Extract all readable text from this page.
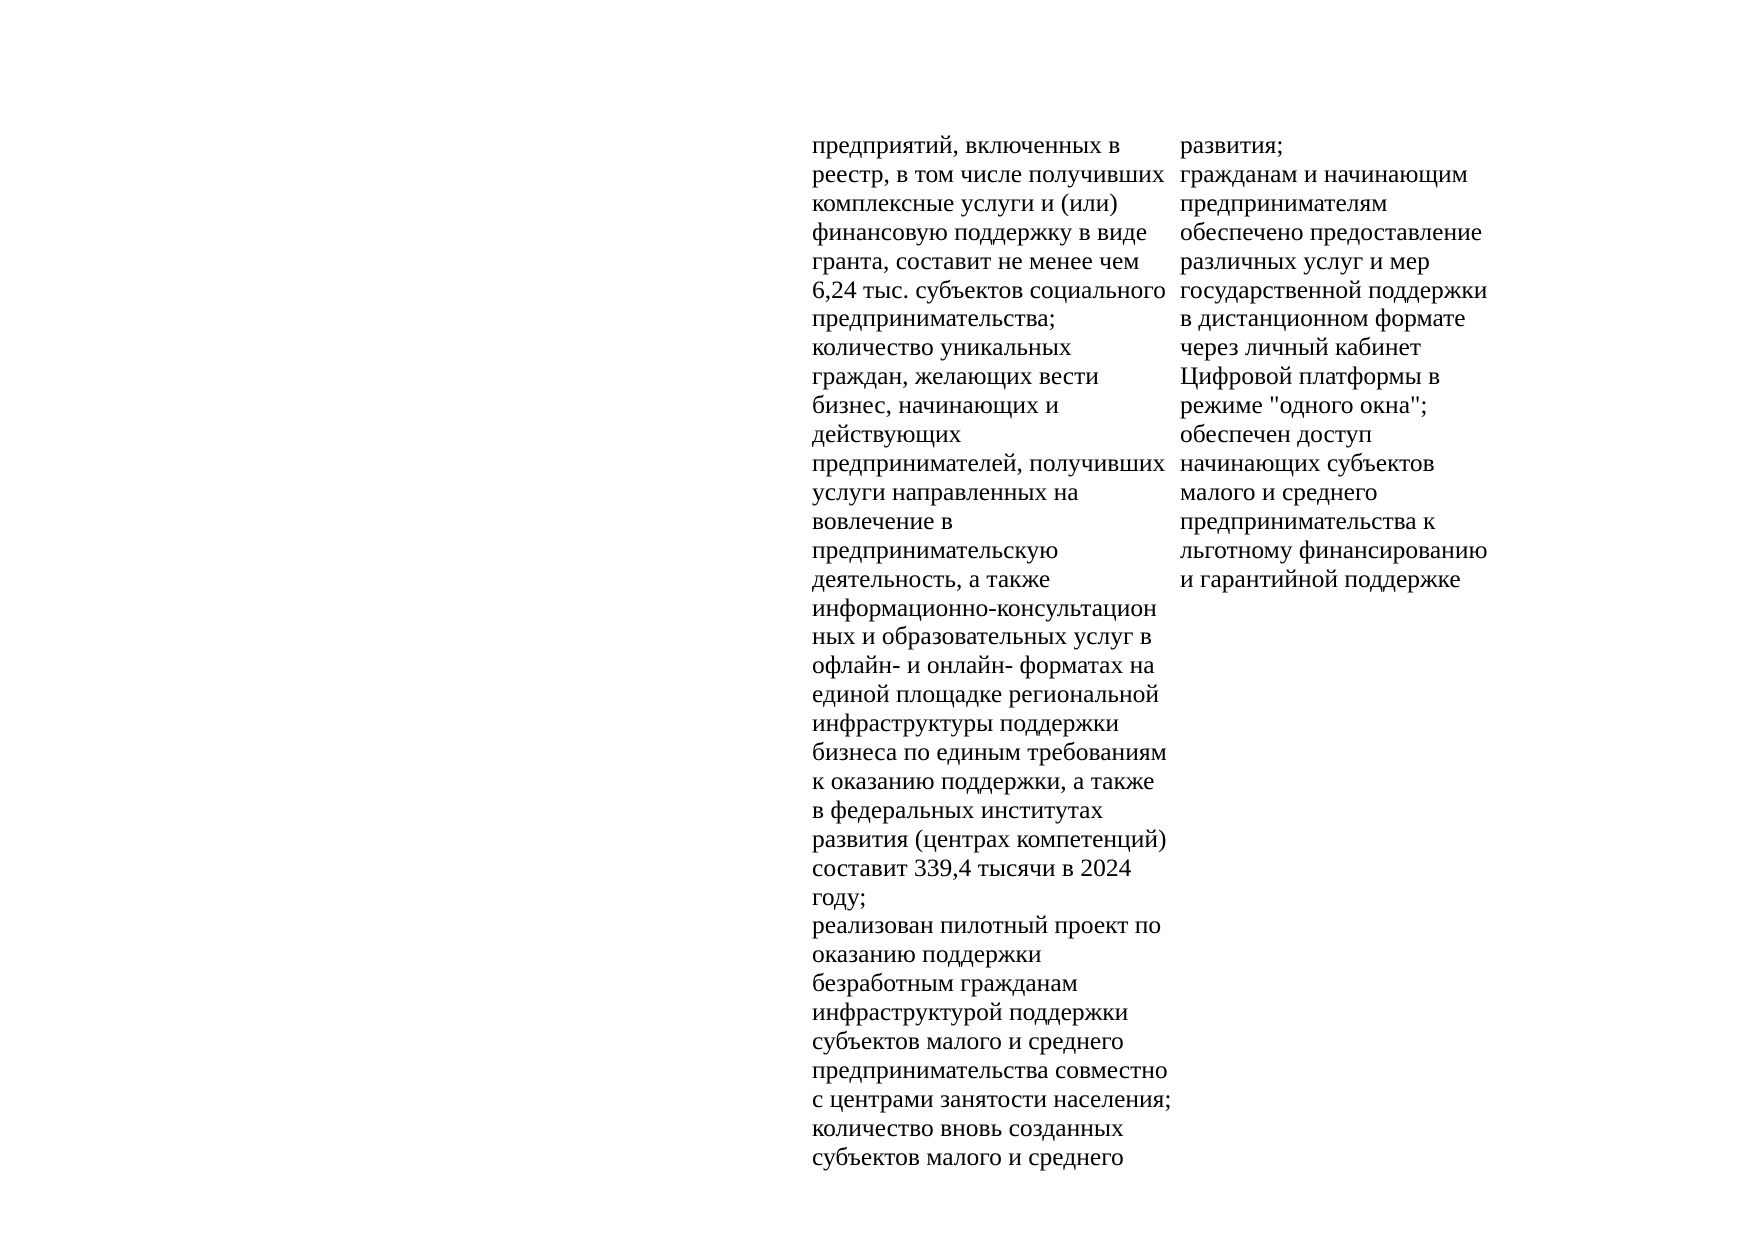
предприятий, включенных в
реестр, в том числе получивших
комплексные услуги и (или)
финансовую поддержку в виде
гранта, составит не менее чем
6,24 тыс. субъектов социального
предпринимательства;
количество уникальных
граждан, желающих вести
бизнес, начинающих и
действующих
предпринимателей, получивших
услуги направленных на
вовлечение в
предпринимательскую
деятельность, а также
информационно-консультацион
ных и образовательных услуг в
офлайн- и онлайн- форматах на
единой площадке региональной
инфраструктуры поддержки
бизнеса по единым требованиям
к оказанию поддержки, а также
в федеральных институтах
развития (центрах компетенций)
составит 339,4 тысячи в 2024
году;
реализован пилотный проект по
оказанию поддержки
безработным гражданам
инфраструктурой поддержки
субъектов малого и среднего
предпринимательства совместно
с центрами занятости населения;
количество вновь созданных
субъектов малого и среднего
развития;
гражданам и начинающим
предпринимателям
обеспечено предоставление
различных услуг и мер
государственной поддержки
в дистанционном формате
через личный кабинет
Цифровой платформы в
режиме "одного окна";
обеспечен доступ
начинающих субъектов
малого и среднего
предпринимательства к
льготному финансированию
и гарантийной поддержке
